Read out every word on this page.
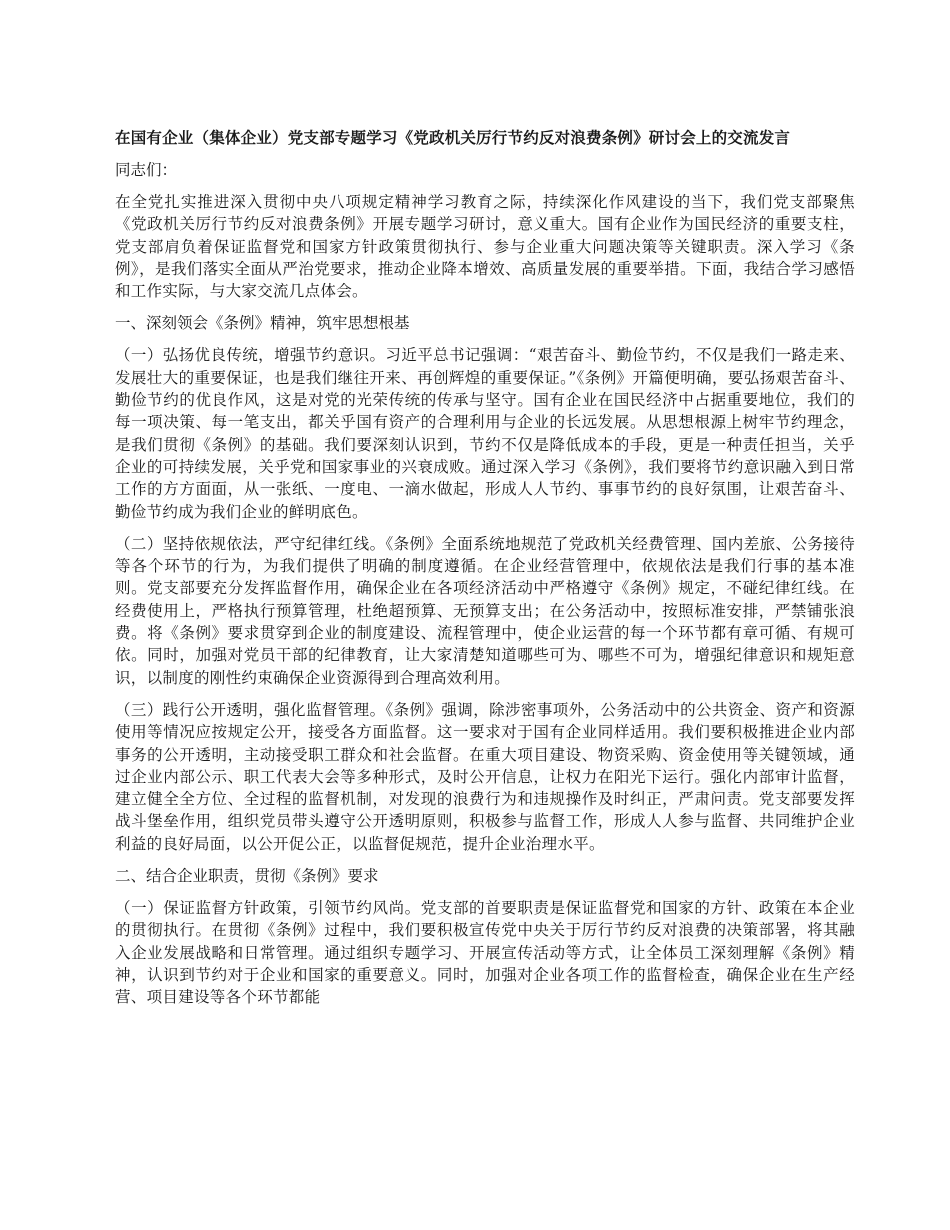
在国有企业（集体企业）党支部专题学习《党政机关厉行节约反对浪费条例》研讨会上的交流发言
同志们：
在全党扎实推进深入贯彻中央八项规定精神学习教育之际，持续深化作风建设的当下，我们党支部聚焦《党政机关厉行节约反对浪费条例》开展专题学习研讨，意义重大。国有企业作为国民经济的重要支柱，党支部肩负着保证监督党和国家方针政策贯彻执行、参与企业重大问题决策等关键职责。深入学习《条例》，是我们落实全面从严治党要求，推动企业降本增效、高质量发展的重要举措。下面，我结合学习感悟和工作实际，与大家交流几点体会。
一、深刻领会《条例》精神，筑牢思想根基
（一）弘扬优良传统，增强节约意识。习近平总书记强调：“艰苦奋斗、勤俭节约，不仅是我们一路走来、发展壮大的重要保证，也是我们继往开来、再创辉煌的重要保证。”《条例》开篇便明确，要弘扬艰苦奋斗、勤俭节约的优良作风，这是对党的光荣传统的传承与坚守。国有企业在国民经济中占据重要地位，我们的每一项决策、每一笔支出，都关乎国有资产的合理利用与企业的长远发展。从思想根源上树牢节约理念，是我们贯彻《条例》的基础。我们要深刻认识到，节约不仅是降低成本的手段，更是一种责任担当，关乎企业的可持续发展，关乎党和国家事业的兴衰成败。通过深入学习《条例》，我们要将节约意识融入到日常工作的方方面面，从一张纸、一度电、一滴水做起，形成人人节约、事事节约的良好氛围，让艰苦奋斗、勤俭节约成为我们企业的鲜明底色。
（二）坚持依规依法，严守纪律红线。《条例》全面系统地规范了党政机关经费管理、国内差旅、公务接待等各个环节的行为，为我们提供了明确的制度遵循。在企业经营管理中，依规依法是我们行事的基本准则。党支部要充分发挥监督作用，确保企业在各项经济活动中严格遵守《条例》规定，不碰纪律红线。在经费使用上，严格执行预算管理，杜绝超预算、无预算支出；在公务活动中，按照标准安排，严禁铺张浪费。将《条例》要求贯穿到企业的制度建设、流程管理中，使企业运营的每一个环节都有章可循、有规可依。同时，加强对党员干部的纪律教育，让大家清楚知道哪些可为、哪些不可为，增强纪律意识和规矩意识，以制度的刚性约束确保企业资源得到合理高效利用。
（三）践行公开透明，强化监督管理。《条例》强调，除涉密事项外，公务活动中的公共资金、资产和资源使用等情况应按规定公开，接受各方面监督。这一要求对于国有企业同样适用。我们要积极推进企业内部事务的公开透明，主动接受职工群众和社会监督。在重大项目建设、物资采购、资金使用等关键领域，通过企业内部公示、职工代表大会等多种形式，及时公开信息，让权力在阳光下运行。强化内部审计监督，建立健全全方位、全过程的监督机制，对发现的浪费行为和违规操作及时纠正，严肃问责。党支部要发挥战斗堡垒作用，组织党员带头遵守公开透明原则，积极参与监督工作，形成人人参与监督、共同维护企业利益的良好局面，以公开促公正，以监督促规范，提升企业治理水平。
二、结合企业职责，贯彻《条例》要求
（一）保证监督方针政策，引领节约风尚。党支部的首要职责是保证监督党和国家的方针、政策在本企业的贯彻执行。在贯彻《条例》过程中，我们要积极宣传党中央关于厉行节约反对浪费的决策部署，将其融入企业发展战略和日常管理。通过组织专题学习、开展宣传活动等方式，让全体员工深刻理解《条例》精神，认识到节约对于企业和国家的重要意义。同时，加强对企业各项工作的监督检查，确保企业在生产经营、项目建设等各个环节都能
